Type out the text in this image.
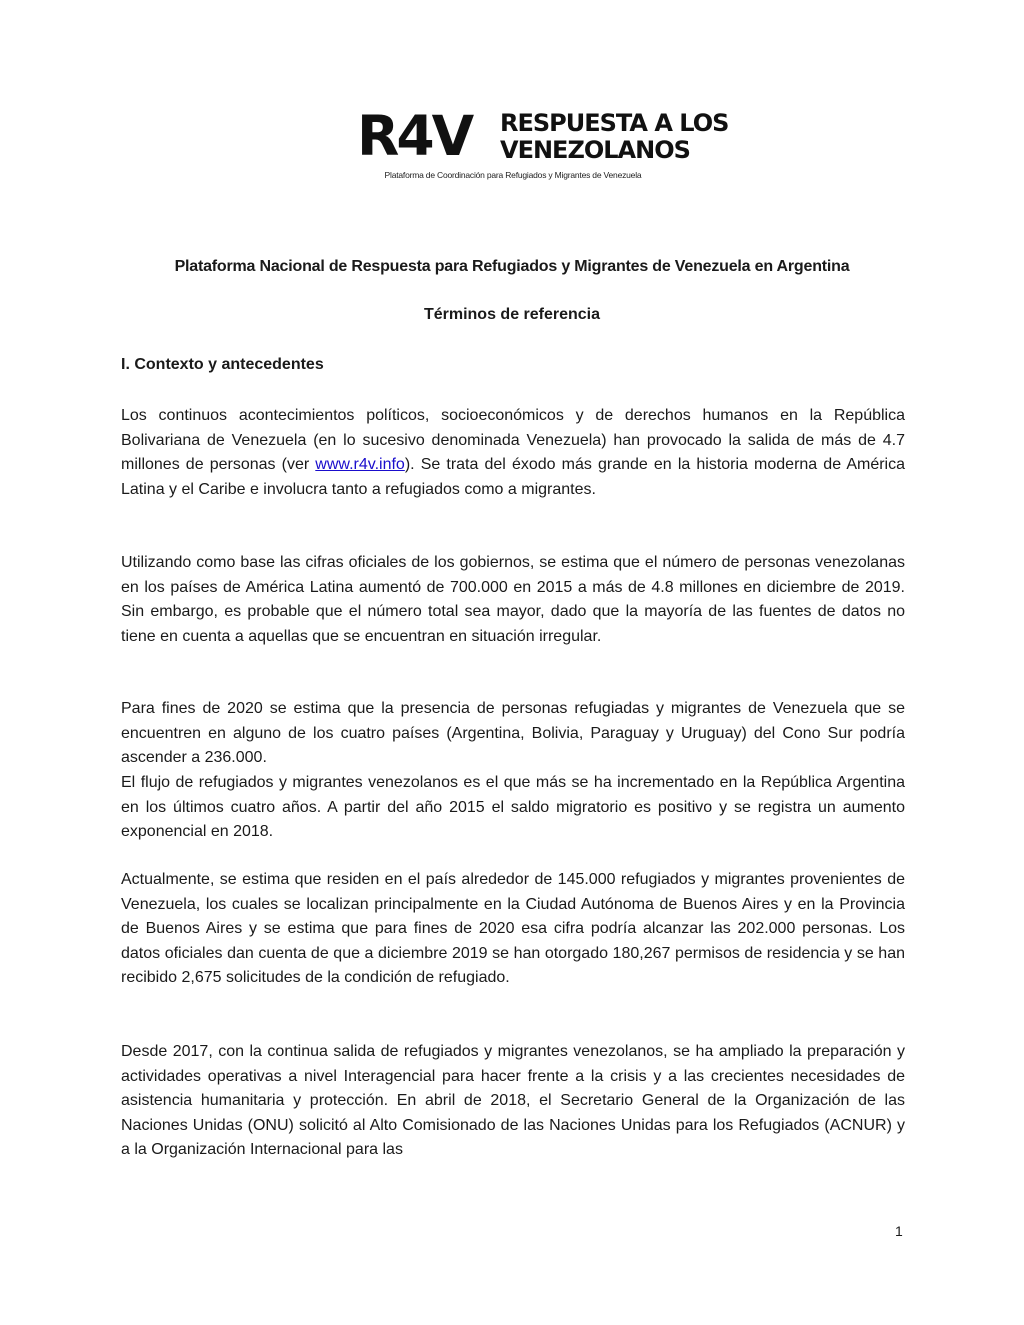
R4V RESPUESTA A LOS
VENEZOLANOS
Plataforma de Coordinación para Refugiados y Migrantes de Venezuela
Plataforma Nacional de Respuesta para Refugiados y Migrantes de Venezuela en Argentina
Términos de referencia
I. Contexto y antecedentes

Los continuos acontecimientos políticos, socioeconómicos y de derechos humanos en la República Bolivariana de Venezuela (en lo sucesivo denominada Venezuela) han provocado la salida de más de 4.7 millones de personas (ver www.r4v.info). Se trata del éxodo más grande en la historia moderna de América Latina y el Caribe e involucra tanto a refugiados como a migrantes.

Utilizando como base las cifras oficiales de los gobiernos, se estima que el número de personas venezolanas en los países de América Latina aumentó de 700.000 en 2015 a más de 4.8 millones en diciembre de 2019. Sin embargo, es probable que el número total sea mayor, dado que la mayoría de las fuentes de datos no tiene en cuenta a aquellas que se encuentran en situación irregular.

Para fines de 2020 se estima que la presencia de personas refugiadas y migrantes de Venezuela que se encuentren en alguno de los cuatro países (Argentina, Bolivia, Paraguay y Uruguay) del Cono Sur podría ascender a 236.000.

El flujo de refugiados y migrantes venezolanos es el que más se ha incrementado en la República Argentina en los últimos cuatro años. A partir del año 2015 el saldo migratorio es positivo y se registra un aumento exponencial en 2018.

Actualmente, se estima que residen en el país alrededor de 145.000 refugiados y migrantes provenientes de Venezuela, los cuales se localizan principalmente en la Ciudad Autónoma de Buenos Aires y en la Provincia de Buenos Aires y se estima que para fines de 2020 esa cifra podría alcanzar las 202.000 personas. Los datos oficiales dan cuenta de que a diciembre 2019 se han otorgado 180,267 permisos de residencia y se han recibido 2,675 solicitudes de la condición de refugiado.

Desde 2017, con la continua salida de refugiados y migrantes venezolanos, se ha ampliado la preparación y actividades operativas a nivel Interagencial para hacer frente a la crisis y a las crecientes necesidades de asistencia humanitaria y protección. En abril de 2018, el Secretario General de la Organización de las Naciones Unidas (ONU) solicitó al Alto Comisionado de las Naciones Unidas para los Refugiados (ACNUR) y a la Organización Internacional para las

1
